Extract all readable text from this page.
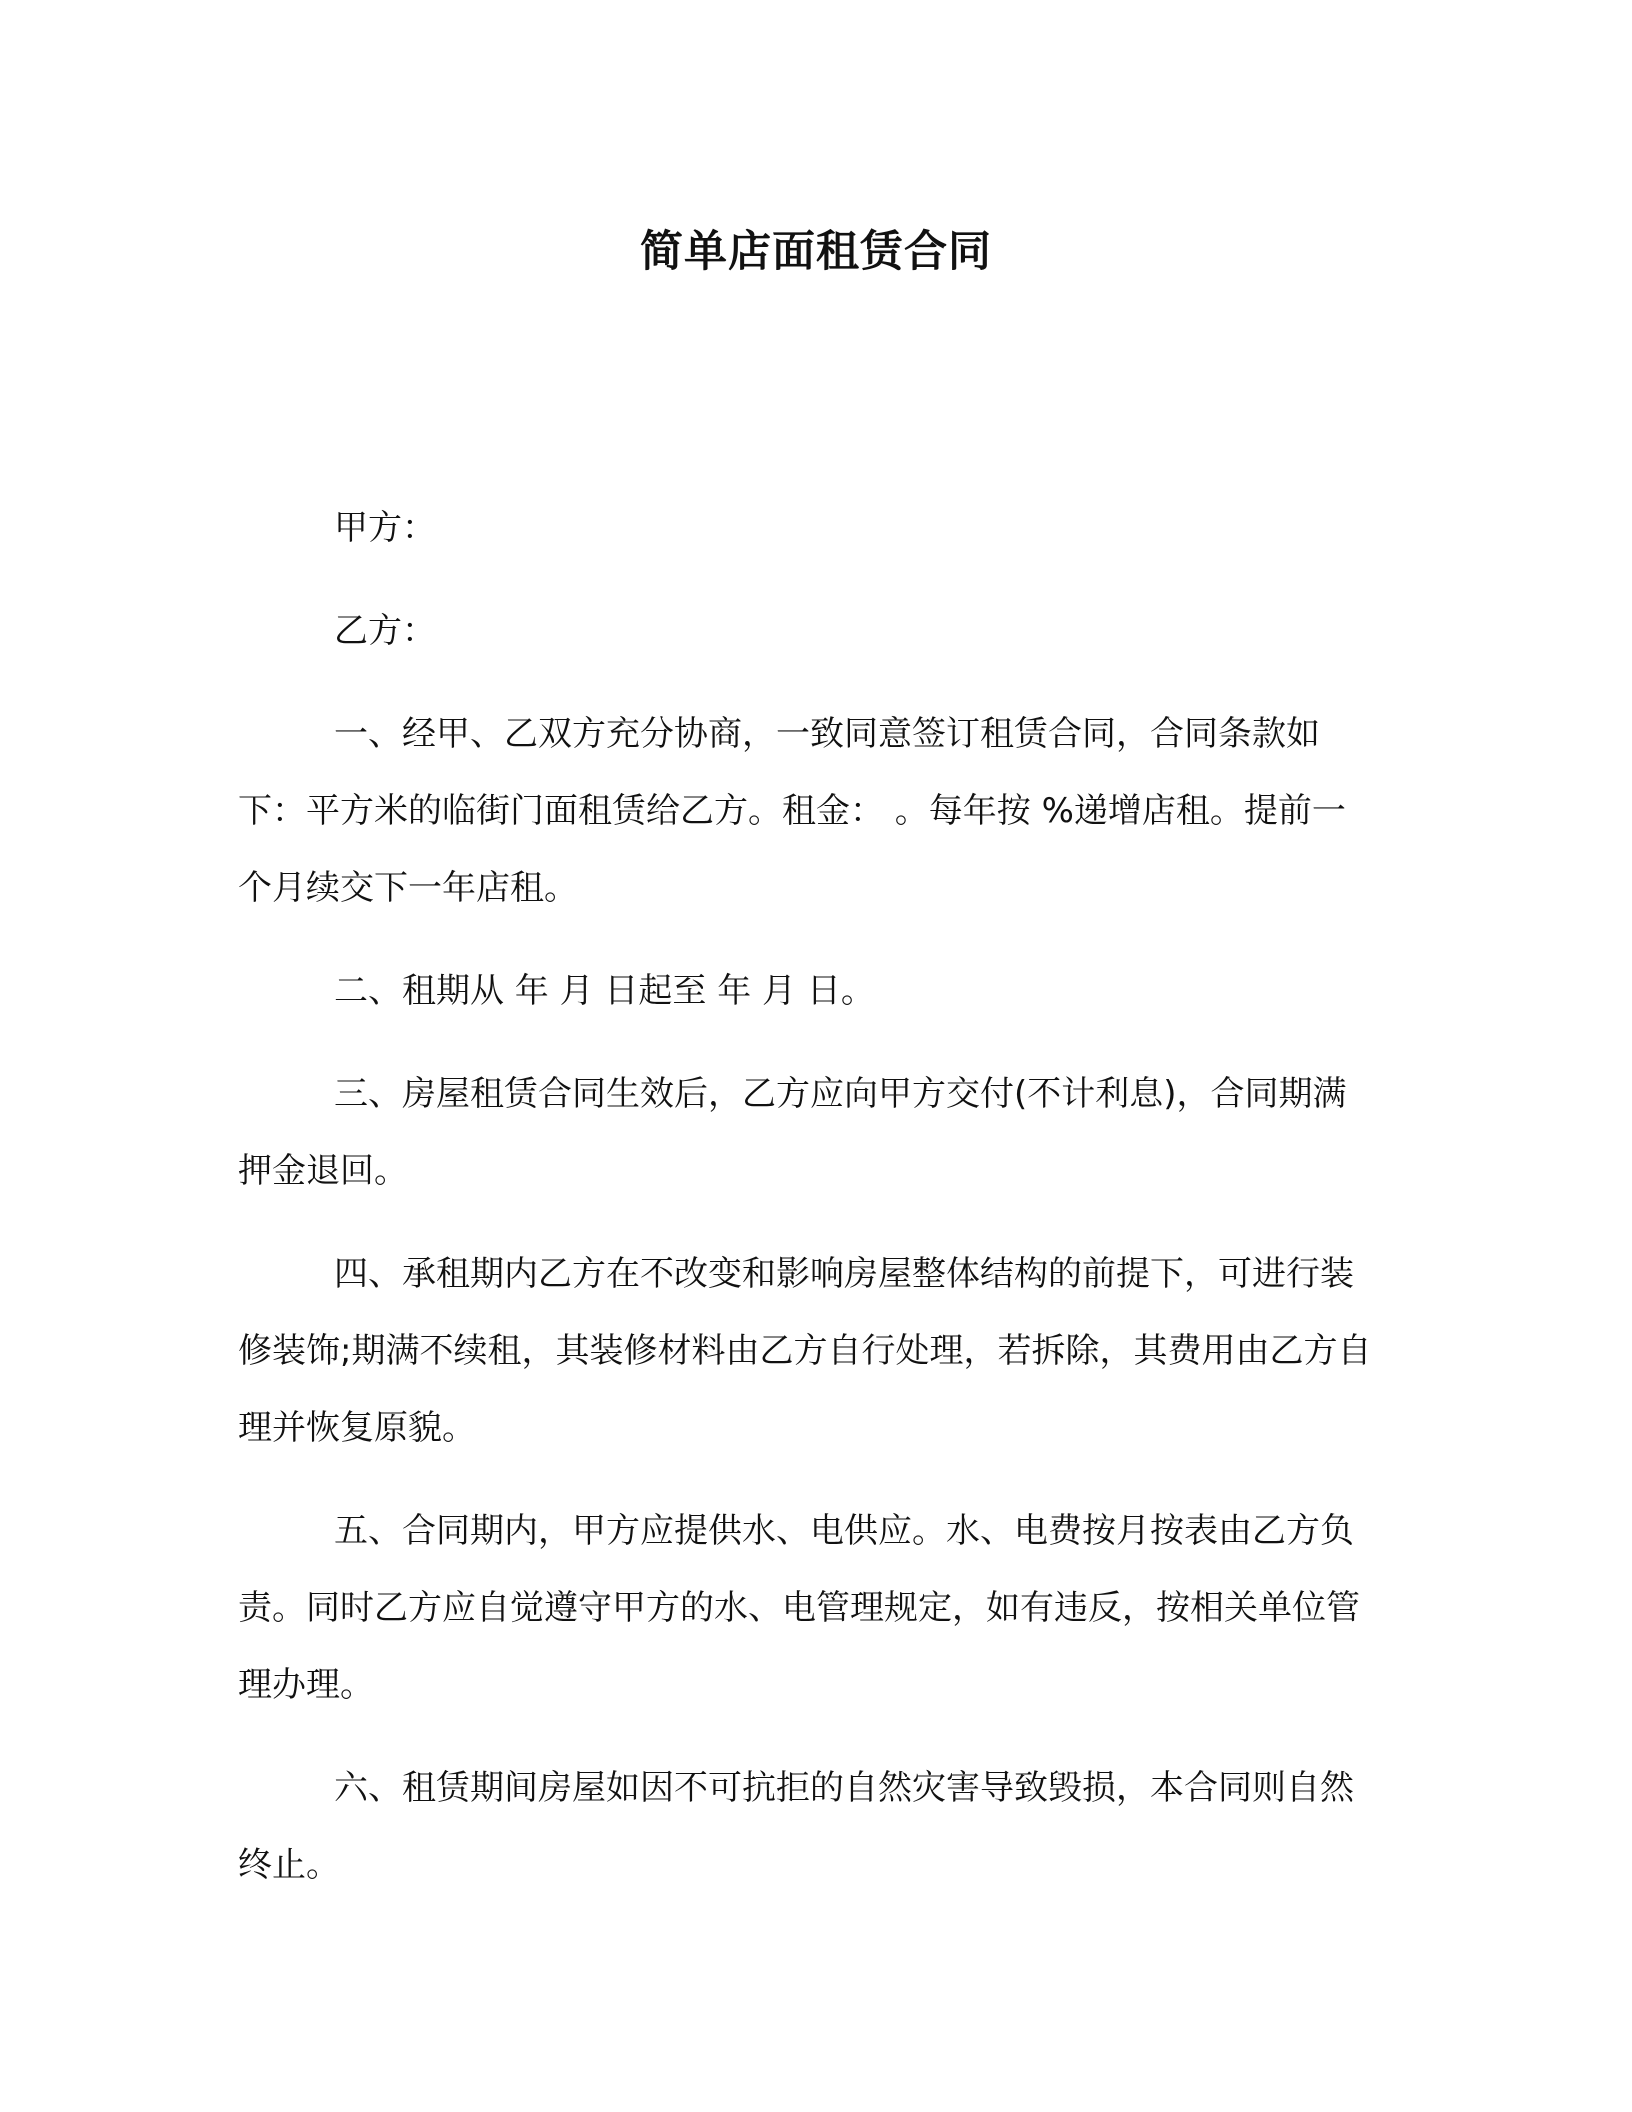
简单店面租赁合同

甲方：

乙方：

一、经甲、乙双方充分协商，一致同意签订租赁合同，合同条款如下：平方米的临街门面租赁给乙方。租金： 。每年按 %递增店租。提前一个月续交下一年店租。

二、租期从 年 月 日起至 年 月 日。

三、房屋租赁合同生效后，乙方应向甲方交付(不计利息)，合同期满押金退回。

四、承租期内乙方在不改变和影响房屋整体结构的前提下，可进行装修装饰;期满不续租，其装修材料由乙方自行处理，若拆除，其费用由乙方自理并恢复原貌。

五、合同期内，甲方应提供水、电供应。水、电费按月按表由乙方负责。同时乙方应自觉遵守甲方的水、电管理规定，如有违反，按相关单位管理办理。

六、租赁期间房屋如因不可抗拒的自然灾害导致毁损，本合同则自然终止。
